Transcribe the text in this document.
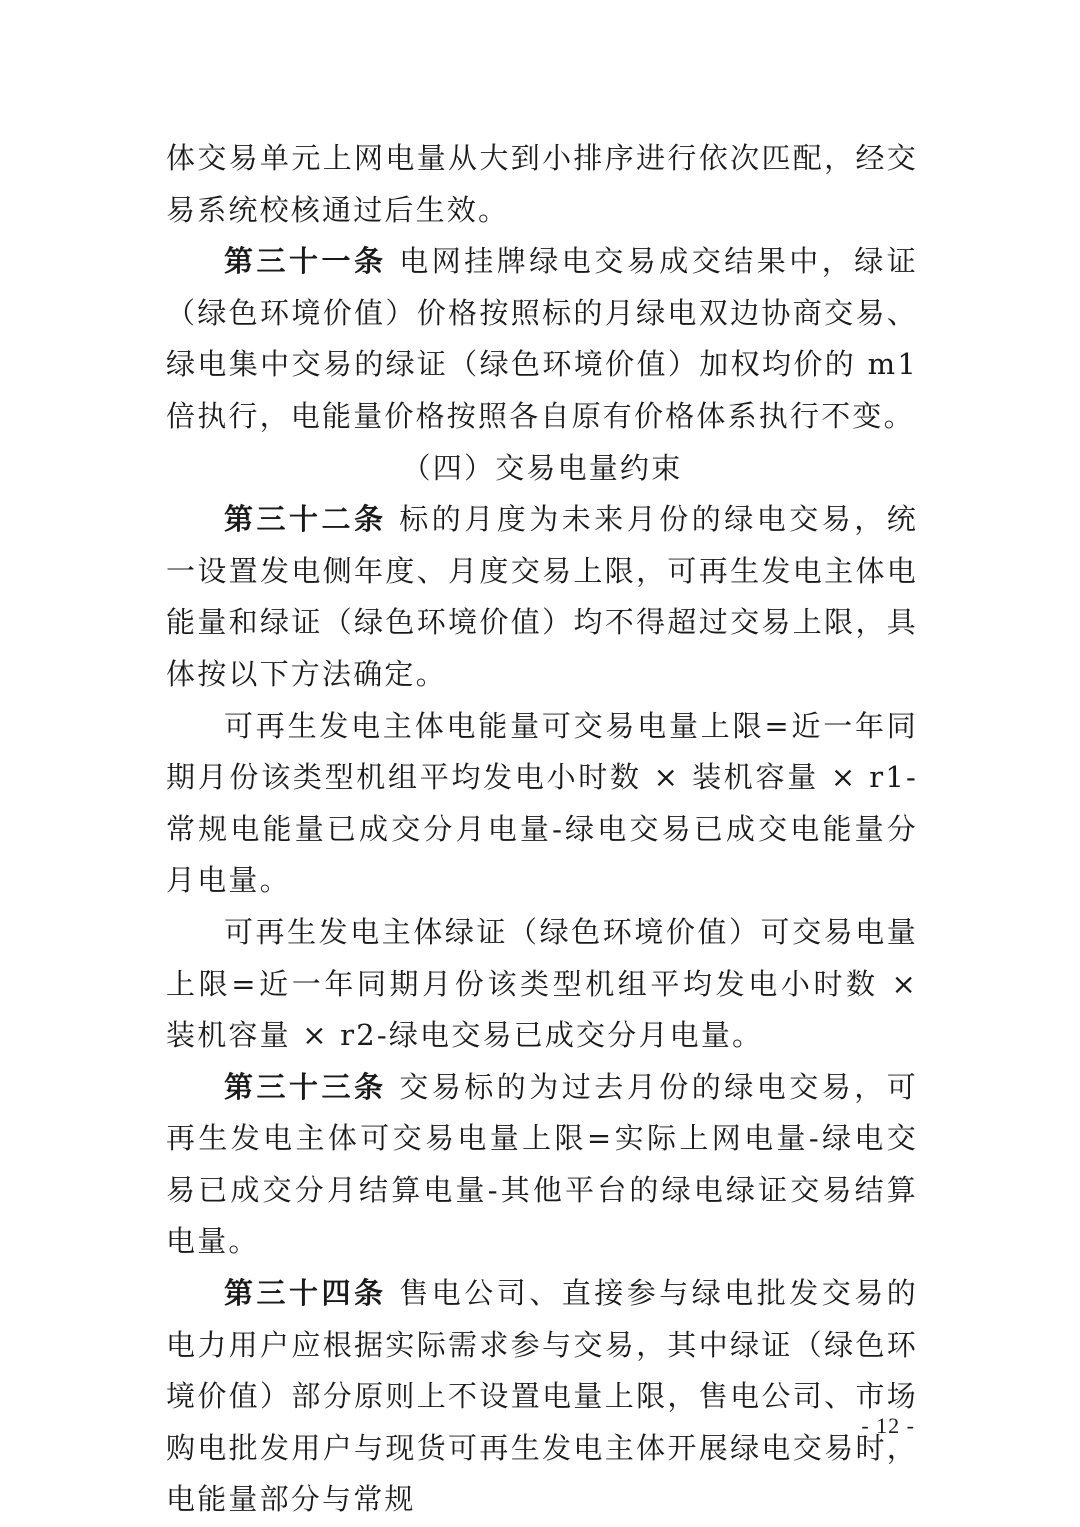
体交易单元上网电量从大到小排序进行依次匹配，经交易系统校核通过后生效。

第三十一条 电网挂牌绿电交易成交结果中，绿证（绿色环境价值）价格按照标的月绿电双边协商交易、绿电集中交易的绿证（绿色环境价值）加权均价的 m1 倍执行，电能量价格按照各自原有价格体系执行不变。

（四）交易电量约束

第三十二条 标的月度为未来月份的绿电交易，统一设置发电侧年度、月度交易上限，可再生发电主体电能量和绿证（绿色环境价值）均不得超过交易上限，具体按以下方法确定。

可再生发电主体电能量可交易电量上限=近一年同期月份该类型机组平均发电小时数 × 装机容量 × r1-常规电能量已成交分月电量-绿电交易已成交电能量分月电量。

可再生发电主体绿证（绿色环境价值）可交易电量上限=近一年同期月份该类型机组平均发电小时数 × 装机容量 × r2-绿电交易已成交分月电量。

第三十三条 交易标的为过去月份的绿电交易，可再生发电主体可交易电量上限=实际上网电量-绿电交易已成交分月结算电量-其他平台的绿电绿证交易结算电量。

第三十四条 售电公司、直接参与绿电批发交易的电力用户应根据实际需求参与交易，其中绿证（绿色环境价值）部分原则上不设置电量上限，售电公司、市场购电批发用户与现货可再生发电主体开展绿电交易时，电能量部分与常规

- 12 -
